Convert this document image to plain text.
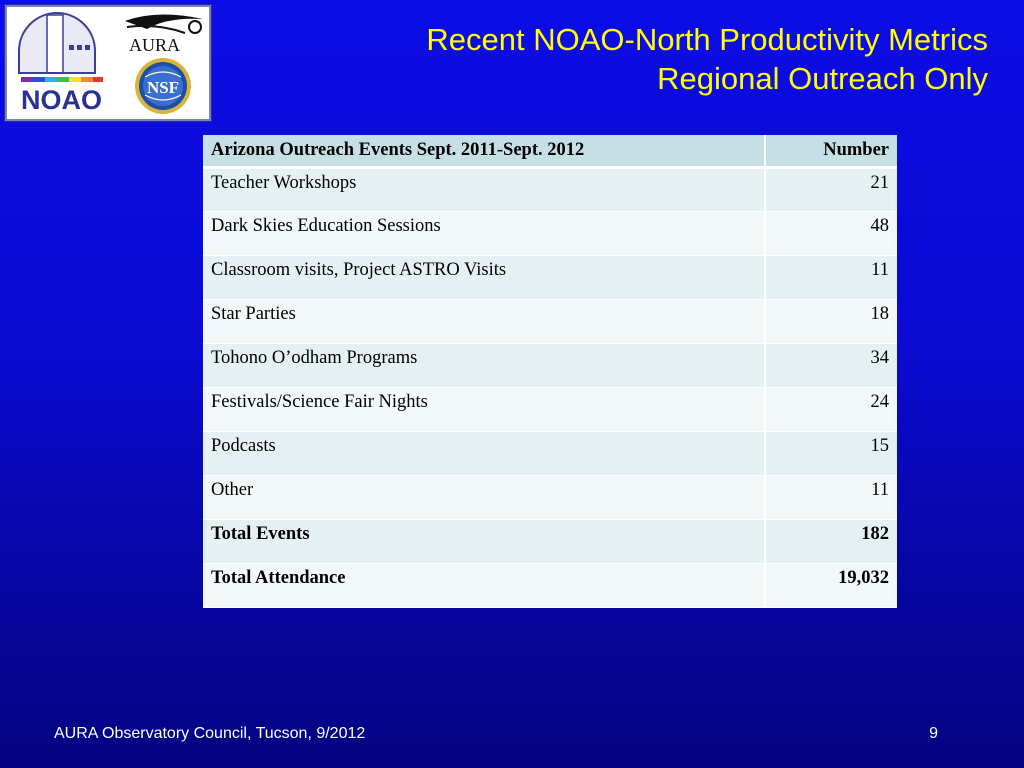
NOAO
AURA
NSF
Recent NOAO-North Productivity Metrics
Regional Outreach Only
Arizona Outreach Events Sept. 2011-Sept. 2012	Number
Teacher Workshops	21
Dark Skies Education Sessions	48
Classroom visits, Project ASTRO Visits	11
Star Parties	18
Tohono O’odham Programs	34
Festivals/Science Fair Nights	24
Podcasts	15
Other	11
Total Events	182
Total Attendance	19,032
AURA Observatory Council, Tucson, 9/2012	9
